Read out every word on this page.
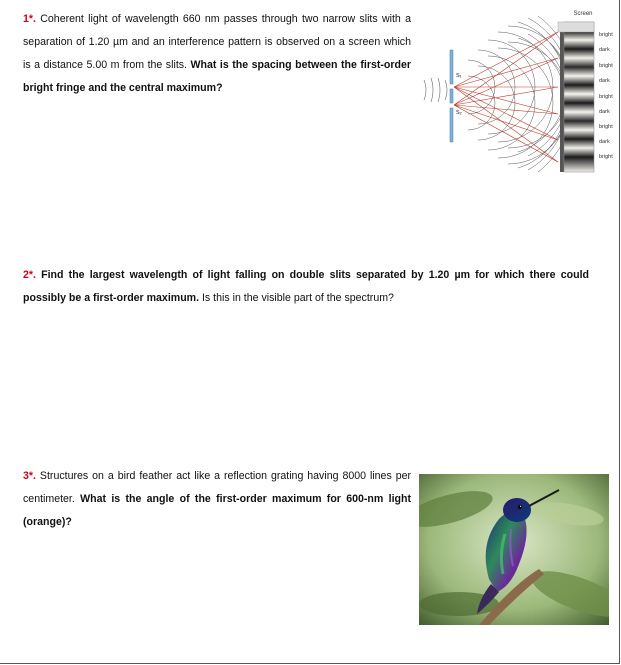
1*. Coherent light of wavelength 660 nm passes through two narrow slits with a separation of 1.20 µm and an interference pattern is observed on a screen which is a distance 5.00 m from the slits. What is the spacing between the first-order bright fringe and the central maximum?
Screen
S₁
S₂
bright
dark
bright
dark
bright
dark
bright
dark
bright
2*. Find the largest wavelength of light falling on double slits separated by 1.20 µm for which there could possibly be a first-order maximum. Is this in the visible part of the spectrum?
3*. Structures on a bird feather act like a reflection grating having 8000 lines per centimeter. What is the angle of the first-order maximum for 600-nm light (orange)?
